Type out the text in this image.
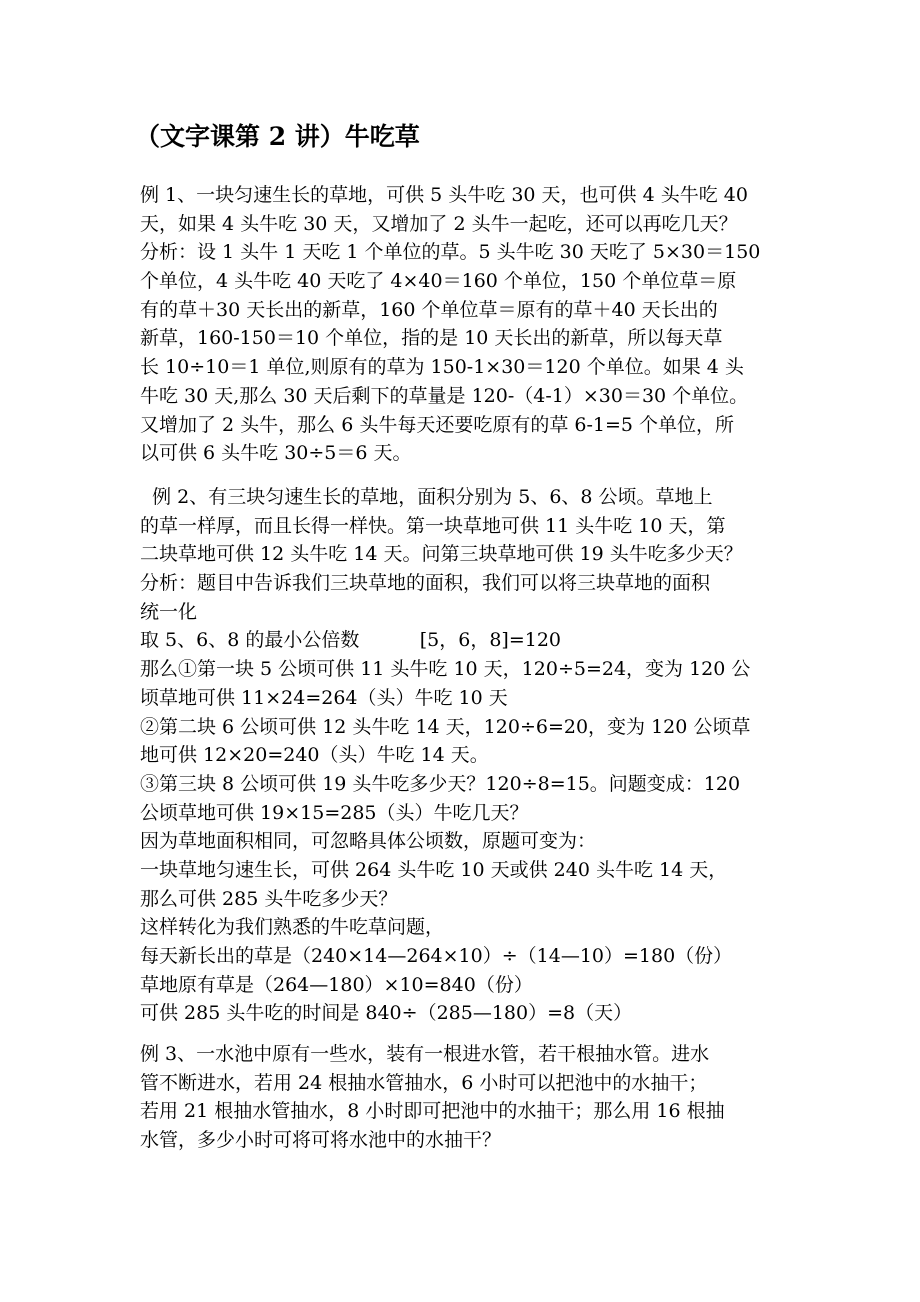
（文字课第 2 讲）牛吃草
例 1、一块匀速生长的草地，可供 5 头牛吃 30 天，也可供 4 头牛吃 40
天，如果 4 头牛吃 30 天，又增加了 2 头牛一起吃，还可以再吃几天？
分析：设 1 头牛 1 天吃 1 个单位的草。5 头牛吃 30 天吃了 5×30＝150
个单位，4 头牛吃 40 天吃了 4×40＝160 个单位，150 个单位草＝原
有的草＋30 天长出的新草，160 个单位草＝原有的草＋40 天长出的
新草，160-150＝10 个单位，指的是 10 天长出的新草，所以每天草
长 10÷10＝1 单位,则原有的草为 150-1×30＝120 个单位。如果 4 头
牛吃 30 天,那么 30 天后剩下的草量是 120-（4-1）×30＝30 个单位。
又增加了 2 头牛，那么 6 头牛每天还要吃原有的草 6-1=5 个单位，所
以可供 6 头牛吃 30÷5＝6 天。
例 2、有三块匀速生长的草地，面积分别为 5、6、8 公顷。草地上
的草一样厚，而且长得一样快。第一块草地可供 11 头牛吃 10 天，第
二块草地可供 12 头牛吃 14 天。问第三块草地可供 19 头牛吃多少天？
分析：题目中告诉我们三块草地的面积，我们可以将三块草地的面积
统一化
取 5、6、8 的最小公倍数          [5，6，8]=120
那么①第一块 5 公顷可供 11 头牛吃 10 天，120÷5=24，变为 120 公
顷草地可供 11×24=264（头）牛吃 10 天
②第二块 6 公顷可供 12 头牛吃 14 天，120÷6=20，变为 120 公顷草
地可供 12×20=240（头）牛吃 14 天。
③第三块 8 公顷可供 19 头牛吃多少天？120÷8=15。问题变成：120
公顷草地可供 19×15=285（头）牛吃几天？
因为草地面积相同，可忽略具体公顷数，原题可变为：
一块草地匀速生长，可供 264 头牛吃 10 天或供 240 头牛吃 14 天，
那么可供 285 头牛吃多少天？
这样转化为我们熟悉的牛吃草问题，
每天新长出的草是（240×14—264×10）÷（14—10）=180（份）
草地原有草是（264—180）×10=840（份）
可供 285 头牛吃的时间是 840÷（285—180）=8（天）
例 3、一水池中原有一些水，装有一根进水管，若干根抽水管。进水
管不断进水，若用 24 根抽水管抽水，6 小时可以把池中的水抽干；
若用 21 根抽水管抽水，8 小时即可把池中的水抽干；那么用 16 根抽
水管，多少小时可将可将水池中的水抽干？
